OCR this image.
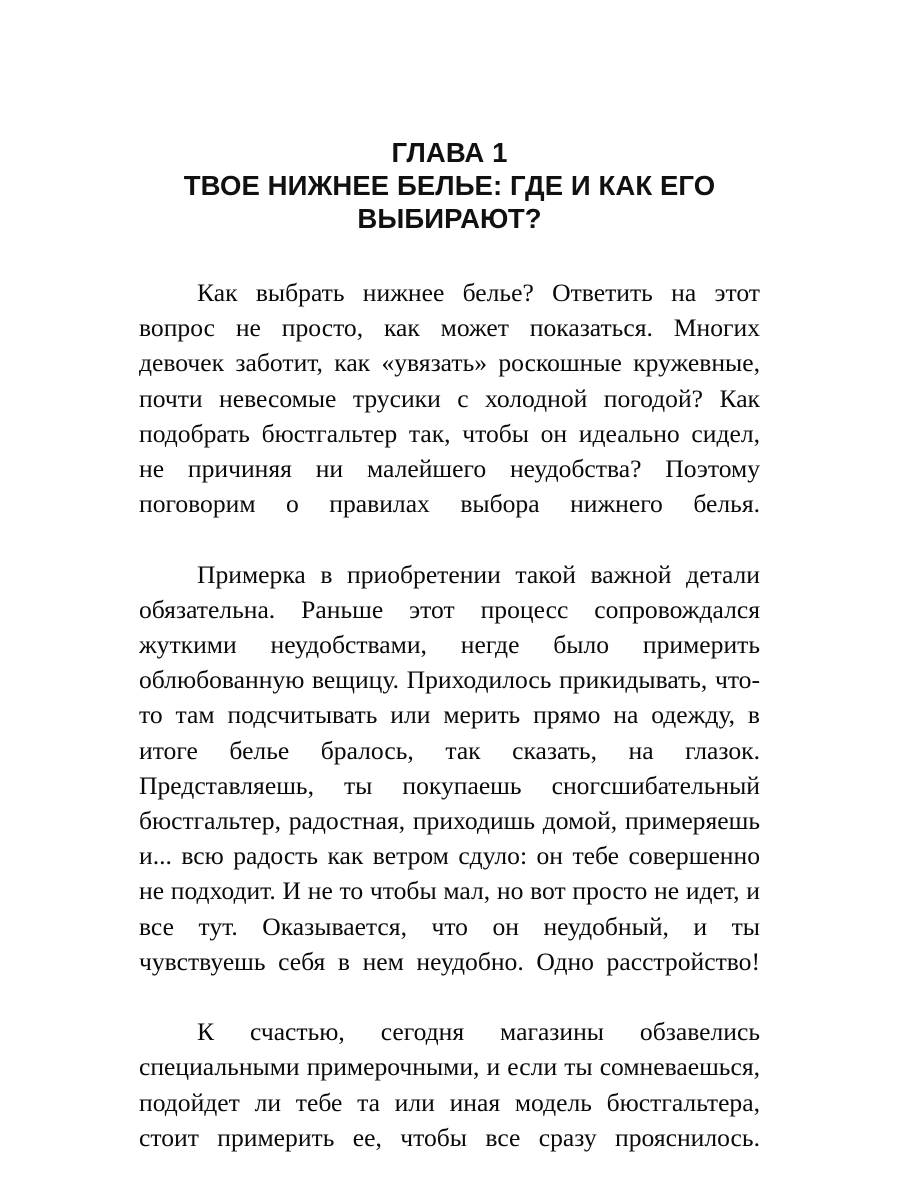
ГЛАВА 1
ТВОЕ НИЖНЕЕ БЕЛЬЕ: ГДЕ И КАК ЕГО
ВЫБИРАЮТ?

Как выбрать нижнее белье? Ответить на этот вопрос не просто, как может показаться. Многих девочек заботит, как «увязать» роскошные кружевные, почти невесомые трусики с холодной погодой? Как подобрать бюстгальтер так, чтобы он идеально сидел, не причиняя ни малейшего неудобства? Поэтому поговорим о правилах выбора нижнего белья.

Примерка в приобретении такой важной детали обязательна. Раньше этот процесс сопровождался жуткими неудобствами, негде было примерить облюбованную вещицу. Приходилось прикидывать, что-то там подсчитывать или мерить прямо на одежду, в итоге белье бралось, так сказать, на глазок. Представляешь, ты покупаешь сногсшибательный бюстгальтер, радостная, приходишь домой, примеряешь и... всю радость как ветром сдуло: он тебе совершенно не подходит. И не то чтобы мал, но вот просто не идет, и все тут. Оказывается, что он неудобный, и ты чувствуешь себя в нем неудобно. Одно расстройство!

К счастью, сегодня магазины обзавелись специальными примерочными, и если ты сомневаешься, подойдет ли тебе та или иная модель бюстгальтера, стоит примерить ее, чтобы все сразу прояснилось.
